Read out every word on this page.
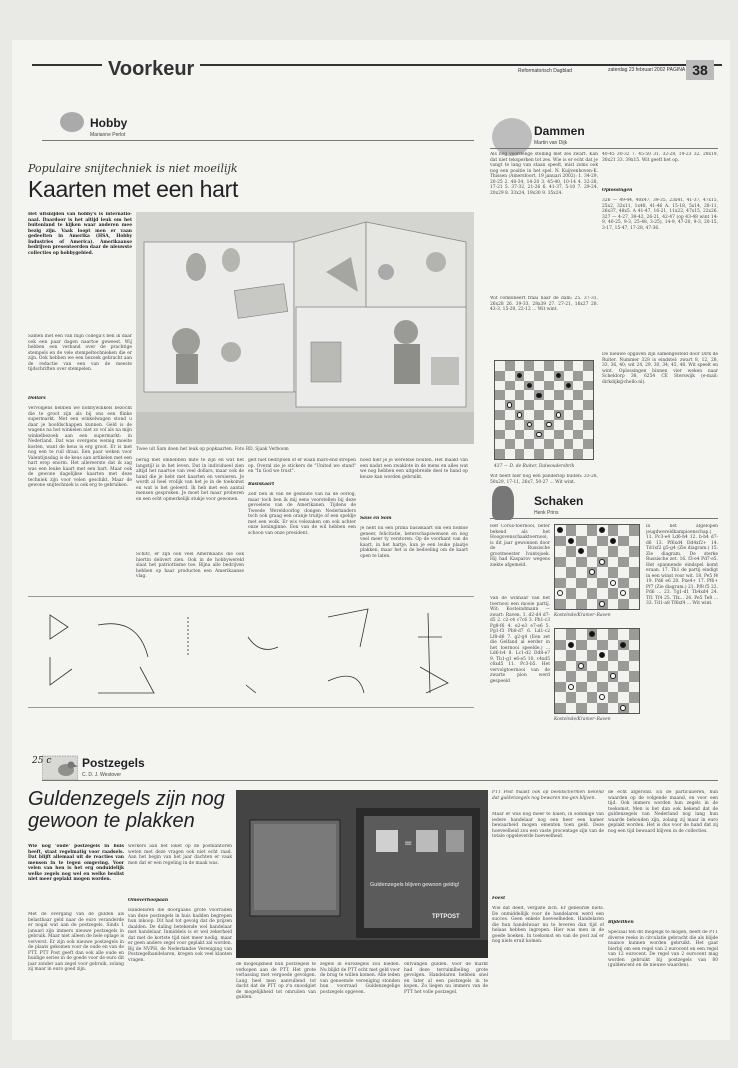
Voorkeur	Reformatorisch Dagblad	zaterdag 23 februari 2002 PAGINA 38
Hobby
Marianne Perlot
Populaire snijtechniek is niet moeilijk
Kaarten met een hart
Het uitsnijden van hobby's is internatio-naal. Daardoor is het altijd leuk om het buitenland te kijken waar anderen mee bezig zijn. Vaak loopt men er vaan gedeelten in Amerika (HSA, Hobby Industries of America). Amerikaanse bedrijven presenteerden daar de nieuwste collecties op hobbygebied.
Samen met een van mijn collega's ben ik daar ook een paar dagen naartoe geweest. Wij hebben een verband over de prachtige stempels en de vele stempeltechnieken die er zijn. Ook hebben we een bezoek gebracht aan de redactie van een van de meeste tijdschriften over stempelen.
Dollars
Vervolgens hebben we hobbywinkels bezocht die te groot zijn als bij ons een flinke supermarkt. Met een winkelwagen stond u daar je hoofdschappen kunnen. Geld is de wagens na het winkelen niet zo vol als na mijn winkelbezoek aan een supermarkt: in Nederland. Dat was overgens weinig moeite kosten, want de keus is erg groot. Er is met nog een te ruil draai. Een paar weken voor Valentijnsdag is de keus aan artikelen met een hart erop enorm. Het allereerste dat ik zag was een leuke kaart met een hart. Maar ook de gewone dagelijkse kaarten met deze techniek zijn voor velen geschikt. Maar de gewone snijtechniek is ook erg te gebruiken.
Twee uit Sam doen het leuk op popkaarten. Foto RD, Sjaak Verboom
berug met omhebben mite te zijn en wat het langstijl is in het leven. Dat in individueel zien altijd het naartoe van veel dollars, maar ook de hand die je hebt met kaarten en versieren. Je wordt al heel vrolijk van het je in de toekomst en wat is het geleerd. Ik heb met een aantal mensen gesproken. Je moet het maar proberen en een echt opmerkelijk stukje voor gewonen.
Schitc, er zijn ook veel Amerikaans die ook hiertin delivert zien. Ook in de hobbywereld slaat het patriottisme toe. Bijna alle bedrijven hebben op haar producten een Amerikaanse vlag.
gelt niet bedrijfsen of er waan mars-end strepen op. Overal zie je stickers de "United we stand" en "In God we trust".
Basiskaart
Zelf ben ik van de gesnuite van na de oorlog, maar toch ben ik mij eens voorstellen bij deze gevoelens van de Amerikanen. Tijdens de Tweede Wereldoorlog dongen Nederlanders toch ook graag een oranje truitje of een speldje met een wolk. Er wis velezaken om ook achter onze koninginne. Een van de wil hebben een schoon van onze president.
hoed hier je je wereldse bouten. Het maakt van een nadat een zwaklote in de mens en alles wat we nog hebben een uitgebreide deel te hand op keuze kan worden gebruikt.
Saus en Som
Je hebt nu een prima basiskaart om een hobbie geneer, felicitatie, beterschapswensen en nog veel meer ty verstoren. Op de voorkant van de kaart, in het hartje, kun je een leuke plaatje plakken, maar het is de bedoeling om de kaart open te laten.
Dammen
Martin van Dijk
Als nog voordelige stelling met zes zwart. Kan dat niet teksperken tot zes. Wie is er echt dat je vangt te lang van staan speelt, mist zoms ook nog een positie in het spel. N. Kuijvenhoven-K. Thissen (Amersfoort, 19 januari 2002): 1. 34-29, 20-25 2. 40-34, 14-20 3. 45-40, 10-14 4. 32-28, 17-21 5. 37-32, 21-26 6. 41-37, 5-10 7. 29-24, 20x29 8. 33x24, 19x30 9. 35x24.
Wit combineert fraai naar de dam: 25. 37-31, 26x28 26. 39-33, 28x39 27. 27-21, 16x27 28. 43-3, 15-20, 22-12 ... Wit wint.
40-45 30-32 7. 45-50 31. 32-28, 19-23 32. 28x19, 30x21 33. 39x15. Wit geeft het op.
Oplossingen
326 — 49-44, 40x47, 39-35, 23x41, 41-37, 47x15, 25x2, 32x11, 1x48, 41-46 A. 15-18, 5x14, 28-11, 26x37, 48x5. A 41-47, 16-21, 11x22, 47x15, 22x26. 327 — 4-27, 39-42, 26-21, 42-47 (op 43-48 wint 14-9, 40-25, 9-3, 25-48, 3-25), 14-9, 47-20, 9-3, 20-15, 3-17, 15-47, 17-28, 47-36.
437 — D. de Ruiter, Dalwoudersbrik
Wit heeft hier nog een panderlop buiten: 33-28, 50x29, 17-11, 26x7, 50-27 ... Wit wint.
De nieuwe opgaven zijn samengesteld door Dirk de Ruiter. Nummer 328 is eindstel: zwart 8, 12, 28, 33, 36, 40; wit 24, 29, 30, 34, 45, 48. Wit speelt en wint. Oplossingen binnen vier weken naar Scheldorp 38, 6254 CE Sterswijk (e-mail: dirkdijk@chello.nl).
Schaken
Henk Prins
Het Corus-toernooi, beter bekend als het Hoogovenschaaktoernooi, is dit jaar gewonnen door de Russische grootmeester Ivantsjoek. Hij had Kasparov wegens ziekte afgemeld.
Van de winnaar van het toernooi een mooie partij. Wit: Kosteindmann — zwart: Raven. 1. d2-d4 d7-d5 2. c2-c4 c7c6 3. Pb1-c3 Pg8-f6 4. e2-e3 e7-e6 5. Pg1-f3 Pb8-d7 6. Ld1-c2 Lf8-d6 7. g2-g4 (Een zet die Gelfand al eerder in het toernooi speelde.) ... Ld6-b4 8. Lc1-d2 Dd8-e7 9. Tb1-g1 e6-e5 10. c4xd5 c6xd5 11. Pc3-b5. Het vervolgtoernooi van de zwarte pion werd gespeeld
Kosteinde/Kramer–Raven
Kosteinde/Kramer–Raven
in het afgelopen jeugdwereldkampioenschap.) 11. Pc3-e4 Ld6-b4 12. b-b4 d7-d6 13. Pf6xd4 Dd4xf2+ 14. Td1xf2 g5-g4 (Zie diagram.) 15. Zie diagram. De sterke Russische zet. 16. f3-e4 Pd7-e5. Het spannende eindspel komt eraan. 17. Th1 de partij eindigt in een winst voor wit. 18. Pe5 f4 19. Pd6 e6 20. Pxe4+ 17. Pf6+ Pf7 (Zie diagram.) 21. Pf8 f5 22. Pd6 ... 23. Tg1-d1 Tb4xd4 24. Tf1 Tf4 25. Tfx... 26. Pe5 Te8 ... 33. Td1-a8 Tf6xf4 ... Wit wint.
25 c	Postzegels
C. D. J. Westover
Guldenzegels zijn nog gewoon te plakken
Wie nog 'oude' postzegels in huis heeft, staat regelmatig voor raadsels. Dat blijft allemaal uit de reacties van mensen in te tegen omgeving. Voor velen van hen is het erg onduidelijk welke zegels nog wel en welke beslist niet meer geplakt mogen worden.
Met de overgang van de gulden als belastbaar geld naar de euro veranderde er nogal wat aan de postzegels. Sinds 1 januari zijn immers nieuwe postzegels in gebruik. Maar niet alleen de hele oplage is ververst. Er zijn ook nieuwe postzegels in de plaats gekomen voor de oude en van de PTT. PTT Post geeft dan ook alle oude en huidige series in de goede voor de euro dit jaar zonder aan zegel voor gebruik, zolang zij maar in euro goed zijn.
werkers aan het loket op de postkantoren weten met deze vragen ook niet echt raad. Aan het begin van het jaar dachten er vaak men dat er een regeling in de maak was.
Omoverhoopaan
Handelaren die doorgaans grote voorraden van deze postzegels in huis hadden begrepen hun inkoop. Dit had tot gevolg dat de prijzen daalden. De daling betekende wel handelaar met handelaar. Inmiddels is er wel zekerheid dat met de kortste tijd niet meer nodig, maar er geen andere zegel voor geplakt zal worden. Bij de NVPH, de Nederlandse Vereniging van Postzegelhandelaren, kregen ook veel klanten vragen.
=
Guldenzegels blijven gewoon geldig!
TPTPOST
de mogelijkheid hun postzegels te verkopen aan de PTT. Het grote verlassing met vergoede gevolgen. Lang heel men aanvullend tot dacht dat de PTT op z'n snoodgiet de mogelijkheid tot omruilen van gulden.
zegels in eurozegels zou bieden. Nu blijkt de PTT echt met geld voor de brug te willen komen. Alle leden van genoemde vereniging stonden hun voorraad Guldenzegelige postzegels opgeven.
ontvangen gulden. Voor de markt had deze terruimlbeling grote gevolgen. Handelaren hebben snel en later al een postzegels in te kopen. Zo liegen nu immers van de PTT het volle postzegel.
PTT Post maakt ook op beeldschermen bekend dat guldenzegels nog bewaren mo-gen blijven.
Maar er was nog meer te halen, in sommige van iedere handelaar nog een heer een kamer bewaarheid mogen ementen toen geld. Deze hoeveelheid zou een vaste procentage zijn van de totale opgeleverde hoeveelheid.
Foest
Wie dat deelt, vergiste zich. Er gebeurde niets. De onmiddellijk voor de handelaren werd een succes. Geen enkele hoeveelheden. Handelaren die hun handelwaar nu te leveren dan tijd of helaas hebben ingrepen. Hier was men in de goede boeken. In toekomst en van de post zal er nog niets eruit komen.
de echt afgerond. En de particulieren, hun waarden op de volgende maand, en voor een tijd. Ook immers worden hun zegels in de toekomst. Men is het dan ook bekend dat de guldenzegels van Nederland nog lang hun waarde behouden zijn, zolang zij maar in euro geplakt worden. Het is dus voor de hand dat zij nog een tijd bewaard blijven in de collecties.
Bijdelthen
Speciaal ten dit mogelijk te mogen, heeft de PTT diverse reeks in circulatie gebracht die als blijde nuance kunnen worden gebruikt. Het gaat hierbij om een regel van 2 eurocent en een regel van 12 eurocent. De regel van 2 eurocent mag worden gebruikt bij postzegels van 80 (guldencent en de nieuwe waarden).
